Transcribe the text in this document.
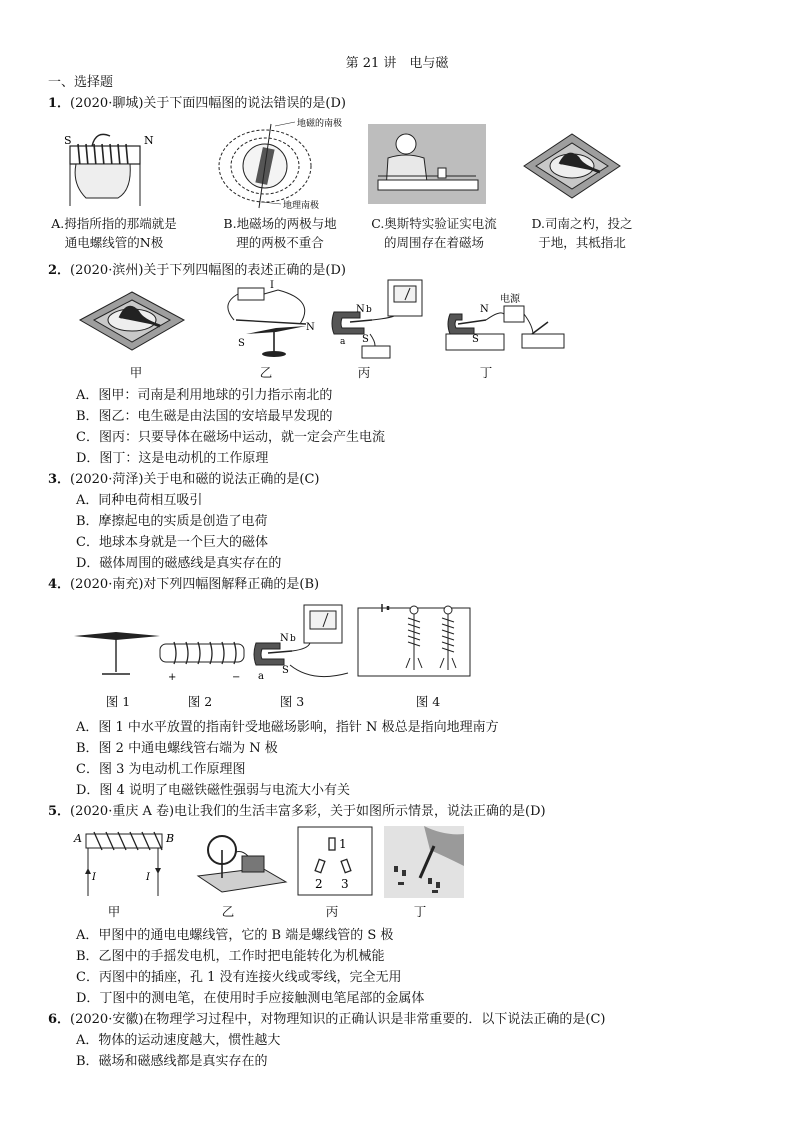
第 21 讲　电与磁
一、选择题
1．(2020·聊城)关于下面四幅图的说法错误的是(D)
S	N
地磁的南极
地理南极
A.拇指所指的那端就是
通电螺线管的N极
B.地磁场的两极与地
理的两极不重合
C.奥斯特实验证实电流
的周围存在着磁场
D.司南之杓，投之
于地，其柢指北
2．(2020·滨州)关于下列四幅图的表述正确的是(D)
I
N
S
N b
a S
N
S
电源
甲	乙	丙	丁
A．图甲：司南是利用地球的引力指示南北的
B．图乙：电生磁是由法国的安培最早发现的
C．图丙：只要导体在磁场中运动，就一定会产生电流
D．图丁：这是电动机的工作原理
3．(2020·菏泽)关于电和磁的说法正确的是(C)
A．同种电荷相互吸引
B．摩擦起电的实质是创造了电荷
C．地球本身就是一个巨大的磁体
D．磁体周围的磁感线是真实存在的
4．(2020·南充)对下列四幅图解释正确的是(B)
+	−
N b
a
S
图 1	图 2	图 3	图 4
A．图 1 中水平放置的指南针受地磁场影响，指针 N 极总是指向地理南方
B．图 2 中通电螺线管右端为 N 极
C．图 3 为电动机工作原理图
D．图 4 说明了电磁铁磁性强弱与电流大小有关
5．(2020·重庆 A 卷)电让我们的生活丰富多彩，关于如图所示情景，说法正确的是(D)
A	B
I	I
1
2 3
甲	乙	丙	丁
A．甲图中的通电电螺线管，它的 B 端是螺线管的 S 极
B．乙图中的手摇发电机，工作时把电能转化为机械能
C．丙图中的插座，孔 1 没有连接火线或零线，完全无用
D．丁图中的测电笔，在使用时手应接触测电笔尾部的金属体
6．(2020·安徽)在物理学习过程中，对物理知识的正确认识是非常重要的．以下说法正确的是(C)
A．物体的运动速度越大，惯性越大
B．磁场和磁感线都是真实存在的
